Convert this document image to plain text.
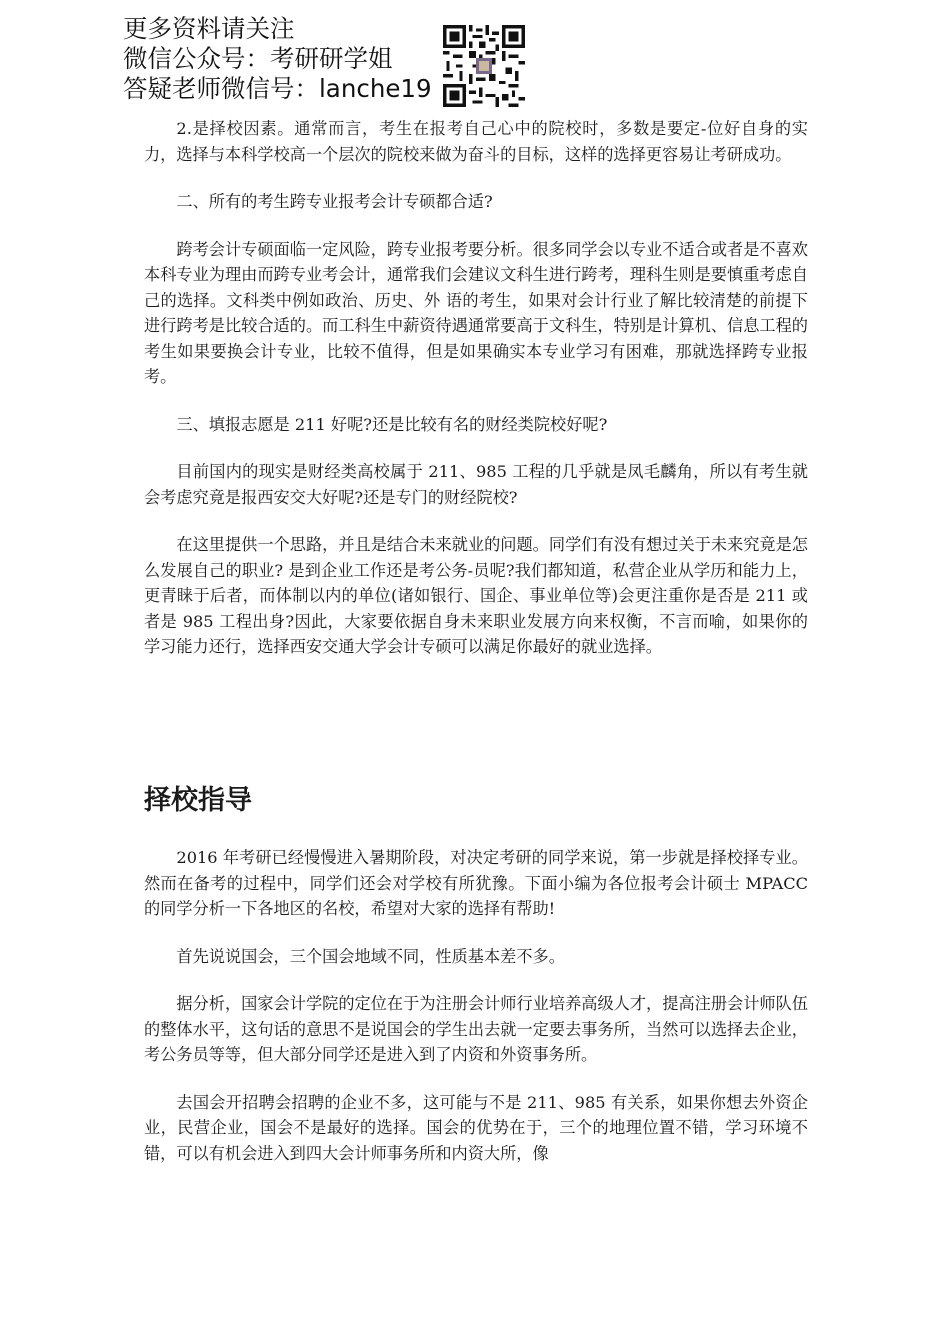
更多资料请关注
微信公众号：考研研学姐
答疑老师微信号：lanche19

2.是择校因素。通常而言，考生在报考自己心中的院校时，多数是要定-位好自身的实力，选择与本科学校高一个层次的院校来做为奋斗的目标，这样的选择更容易让考研成功。

二、所有的考生跨专业报考会计专硕都合适?

跨考会计专硕面临一定风险，跨专业报考要分析。很多同学会以专业不适合或者是不喜欢本科专业为理由而跨专业考会计，通常我们会建议文科生进行跨考，理科生则是要慎重考虑自己的选择。文科类中例如政治、历史、外 语的考生，如果对会计行业了解比较清楚的前提下进行跨考是比较合适的。而工科生中薪资待遇通常要高于文科生，特别是计算机、信息工程的考生如果要换会计专业，比较不值得，但是如果确实本专业学习有困难，那就选择跨专业报考。

三、填报志愿是 211 好呢?还是比较有名的财经类院校好呢?

目前国内的现实是财经类高校属于 211、985 工程的几乎就是凤毛麟角，所以有考生就会考虑究竟是报西安交大好呢?还是专门的财经院校?

在这里提供一个思路，并且是结合未来就业的问题。同学们有没有想过关于未来究竟是怎么发展自己的职业? 是到企业工作还是考公务-员呢?我们都知道，私营企业从学历和能力上，更青睐于后者，而体制以内的单位(诸如银行、国企、事业单位等)会更注重你是否是 211 或者是 985 工程出身?因此，大家要依据自身未来职业发展方向来权衡，不言而喻，如果你的学习能力还行，选择西安交通大学会计专硕可以满足你最好的就业选择。

择校指导

2016 年考研已经慢慢进入暑期阶段，对决定考研的同学来说，第一步就是择校择专业。然而在备考的过程中，同学们还会对学校有所犹豫。下面小编为各位报考会计硕士 MPACC 的同学分析一下各地区的名校，希望对大家的选择有帮助!

首先说说国会，三个国会地域不同，性质基本差不多。

据分析，国家会计学院的定位在于为注册会计师行业培养高级人才，提高注册会计师队伍的整体水平，这句话的意思不是说国会的学生出去就一定要去事务所，当然可以选择去企业，考公务员等等，但大部分同学还是进入到了内资和外资事务所。

去国会开招聘会招聘的企业不多，这可能与不是 211、985 有关系，如果你想去外资企业，民营企业，国会不是最好的选择。国会的优势在于，三个的地理位置不错，学习环境不错，可以有机会进入到四大会计师事务所和内资大所，像
